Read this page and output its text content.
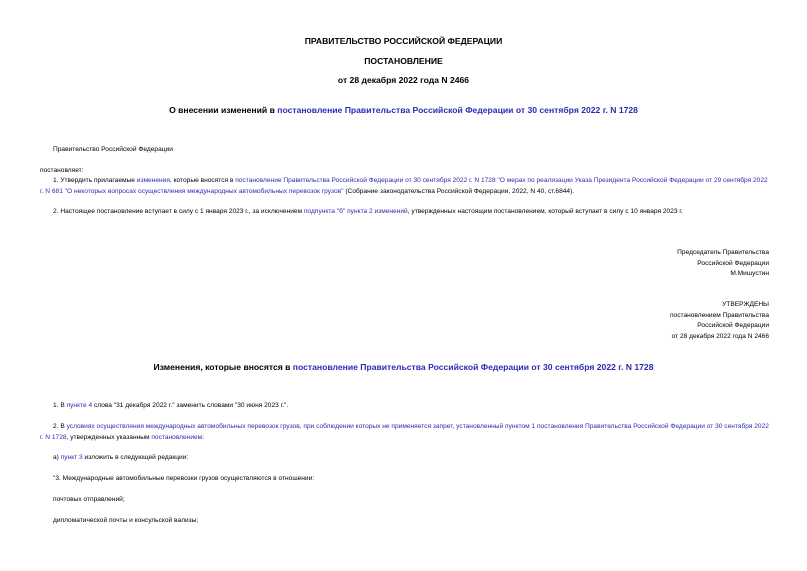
ПРАВИТЕЛЬСТВО РОССИЙСКОЙ ФЕДЕРАЦИИ
ПОСТАНОВЛЕНИЕ
от 28 декабря 2022 года N 2466
О внесении изменений в постановление Правительства Российской Федерации от 30 сентября 2022 г. N 1728
Правительство Российской Федерации
постановляет:
1. Утвердить прилагаемые изменения, которые вносятся в постановление Правительства Российской Федерации от 30 сентября 2022 г. N 1728 "О мерах по реализации Указа Президента Российской Федерации от 29 сентября 2022 г. N 681 "О некоторых вопросах осуществления международных автомобильных перевозок грузов" (Собрание законодательства Российской Федерации, 2022, N 40, ст.6844).
2. Настоящее постановление вступает в силу с 1 января 2023 г., за исключением подпункта "б" пункта 2 изменений, утвержденных настоящим постановлением, который вступает в силу с 10 января 2023 г.
Председатель Правительства
Российской Федерации
М.Мишустин
УТВЕРЖДЕНЫ
постановлением Правительства
Российской Федерации
от 28 декабря 2022 года N 2466
Изменения, которые вносятся в постановление Правительства Российской Федерации от 30 сентября 2022 г. N 1728
1. В пункте 4 слова "31 декабря 2022 г." заменить словами "30 июня 2023 г.".
2. В условиях осуществления международных автомобильных перевозок грузов, при соблюдении которых не применяется запрет, установленный пунктом 1 постановления Правительства Российской Федерации от 30 сентября 2022 г. N 1728, утвержденных указанным постановлением:
а) пункт 3 изложить в следующей редакции:
"3. Международные автомобильные перевозки грузов осуществляются в отношении:
почтовых отправлений;
дипломатической почты и консульской вализы;
